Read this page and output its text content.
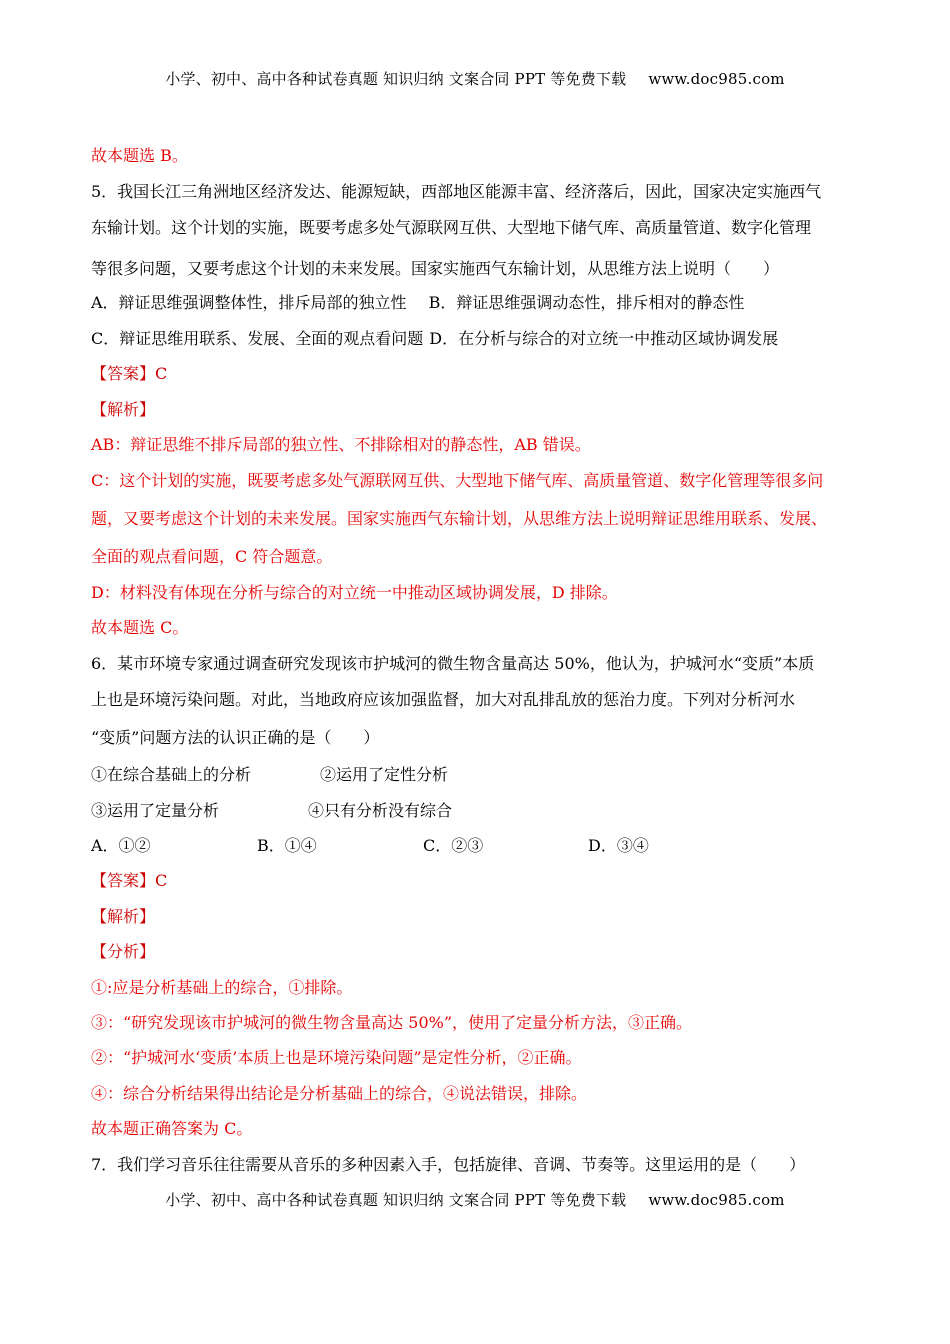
小学、初中、高中各种试卷真题 知识归纳 文案合同 PPT 等免费下载 www.doc985.com

故本题选 B。

5．我国长江三角洲地区经济发达、能源短缺，西部地区能源丰富、经济落后，因此，国家决定实施西气

东输计划。这个计划的实施，既要考虑多处气源联网互供、大型地下储气库、高质量管道、数字化管理

等很多问题，又要考虑这个计划的未来发展。国家实施西气东输计划，从思维方法上说明（　　）

A．辩证思维强调整体性，排斥局部的独立性 B．辩证思维强调动态性，排斥相对的静态性

C．辩证思维用联系、发展、全面的观点看问题 D．在分析与综合的对立统一中推动区域协调发展

【答案】C

【解析】

AB：辩证思维不排斥局部的独立性、不排除相对的静态性，AB 错误。

C：这个计划的实施，既要考虑多处气源联网互供、大型地下储气库、高质量管道、数字化管理等很多问

题，又要考虑这个计划的未来发展。国家实施西气东输计划，从思维方法上说明辩证思维用联系、发展、

全面的观点看问题，C 符合题意。

D：材料没有体现在分析与综合的对立统一中推动区域协调发展，D 排除。

故本题选 C。

6．某市环境专家通过调查研究发现该市护城河的微生物含量高达 50%，他认为，护城河水“变质”本质

上也是环境污染问题。对此，当地政府应该加强监督，加大对乱排乱放的惩治力度。下列对分析河水

“变质”问题方法的认识正确的是（　　）

①在综合基础上的分析	②运用了定性分析

③运用了定量分析	④只有分析没有综合

A．①②	B．①④	C．②③	D．③④

【答案】C

【解析】

【分析】

①:应是分析基础上的综合，①排除。

③：“研究发现该市护城河的微生物含量高达 50%”，使用了定量分析方法，③正确。

②：“护城河水‘变质’本质上也是环境污染问题”是定性分析，②正确。

④：综合分析结果得出结论是分析基础上的综合，④说法错误，排除。

故本题正确答案为 C。

7．我们学习音乐往往需要从音乐的多种因素入手，包括旋律、音调、节奏等。这里运用的是（　　）

小学、初中、高中各种试卷真题 知识归纳 文案合同 PPT 等免费下载 www.doc985.com
